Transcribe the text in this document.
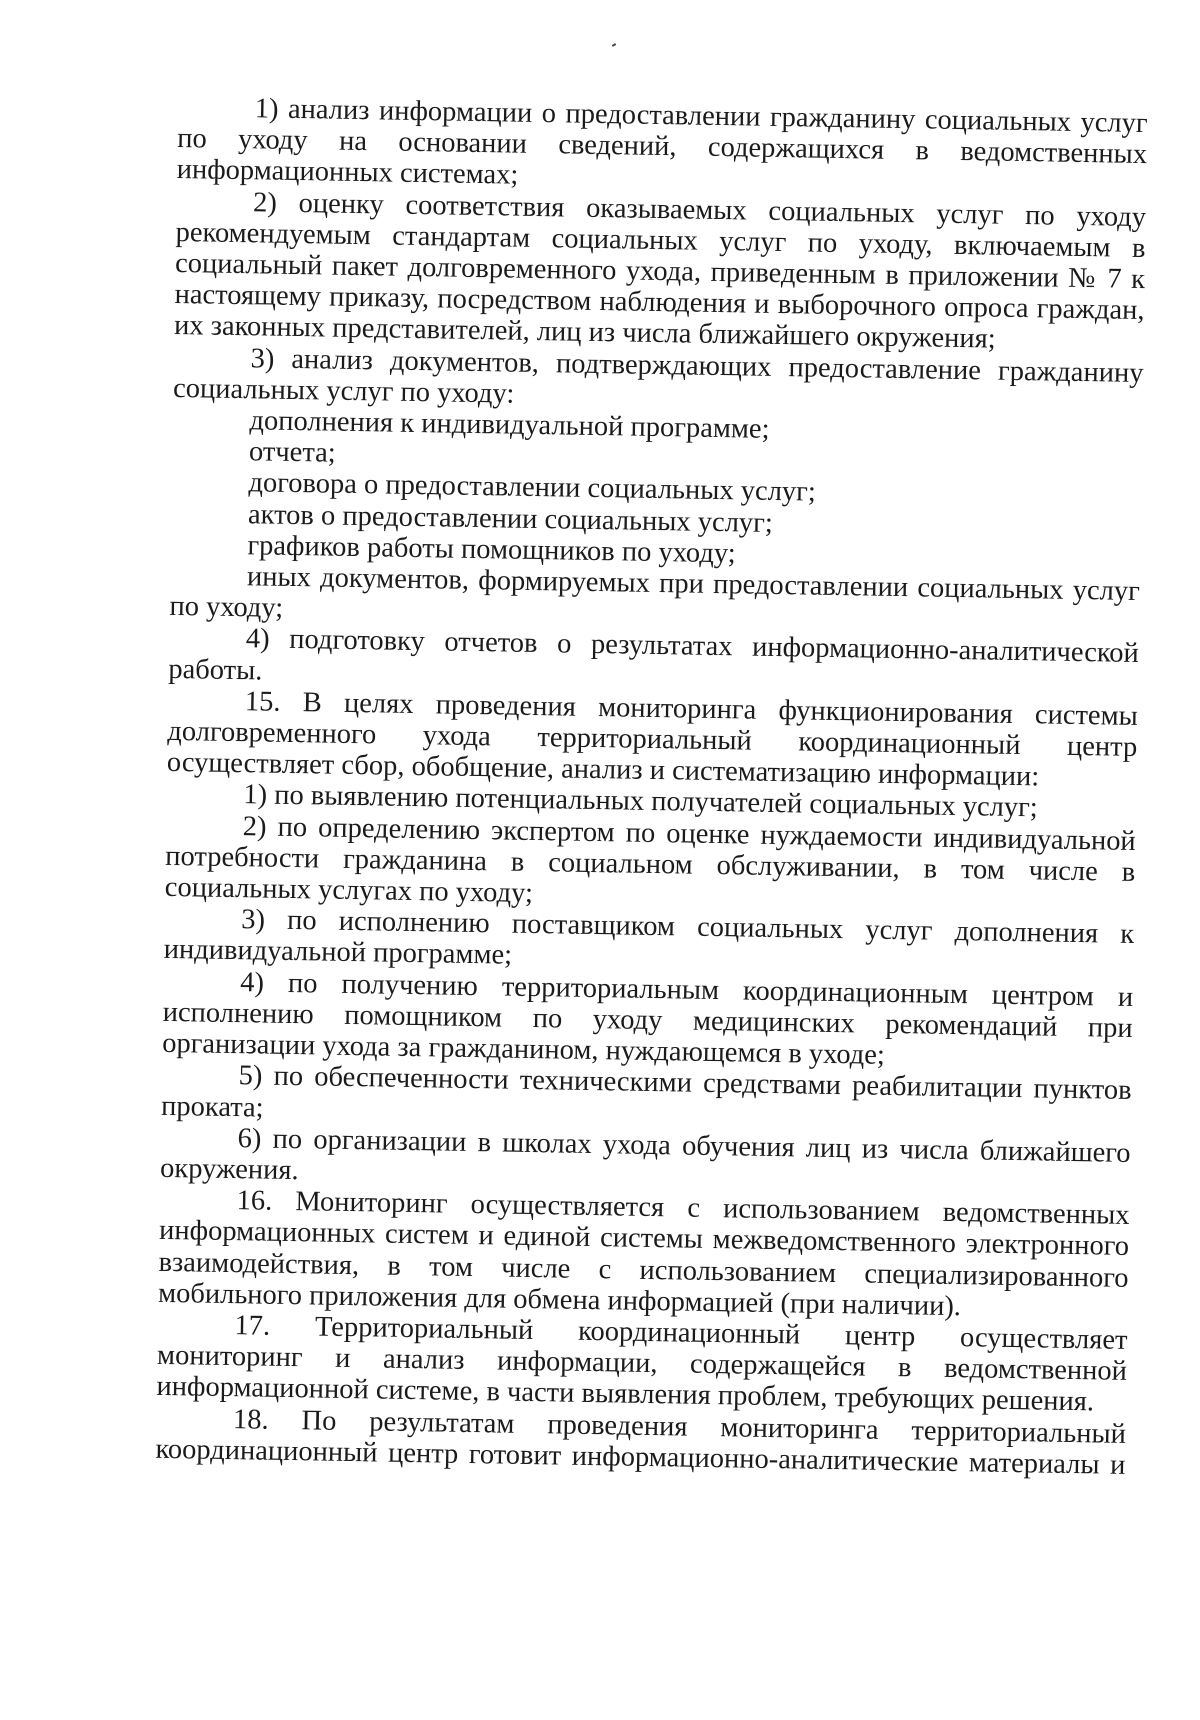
1) анализ информации о предоставлении гражданину социальных услуг по уходу на основании сведений, содержащихся в ведомственных информационных системах;

2) оценку соответствия оказываемых социальных услуг по уходу рекомендуемым стандартам социальных услуг по уходу, включаемым в социальный пакет долговременного ухода, приведенным в приложении № 7 к настоящему приказу, посредством наблюдения и выборочного опроса граждан, их законных представителей, лиц из числа ближайшего окружения;

3) анализ документов, подтверждающих предоставление гражданину социальных услуг по уходу:

дополнения к индивидуальной программе;

отчета;

договора о предоставлении социальных услуг;

актов о предоставлении социальных услуг;

графиков работы помощников по уходу;

иных документов, формируемых при предоставлении социальных услуг по уходу;

4) подготовку отчетов о результатах информационно-аналитической работы.

15. В целях проведения мониторинга функционирования системы долговременного ухода территориальный координационный центр осуществляет сбор, обобщение, анализ и систематизацию информации:

1) по выявлению потенциальных получателей социальных услуг;

2) по определению экспертом по оценке нуждаемости индивидуальной потребности гражданина в социальном обслуживании, в том числе в социальных услугах по уходу;

3) по исполнению поставщиком социальных услуг дополнения к индивидуальной программе;

4) по получению территориальным координационным центром и исполнению помощником по уходу медицинских рекомендаций при организации ухода за гражданином, нуждающемся в уходе;

5) по обеспеченности техническими средствами реабилитации пунктов проката;

6) по организации в школах ухода обучения лиц из числа ближайшего окружения.

16. Мониторинг осуществляется с использованием ведомственных информационных систем и единой системы межведомственного электронного взаимодействия, в том числе с использованием специализированного мобильного приложения для обмена информацией (при наличии).

17. Территориальный координационный центр осуществляет мониторинг и анализ информации, содержащейся в ведомственной информационной системе, в части выявления проблем, требующих решения.

18. По результатам проведения мониторинга территориальный координационный центр готовит информационно-аналитические материалы и
